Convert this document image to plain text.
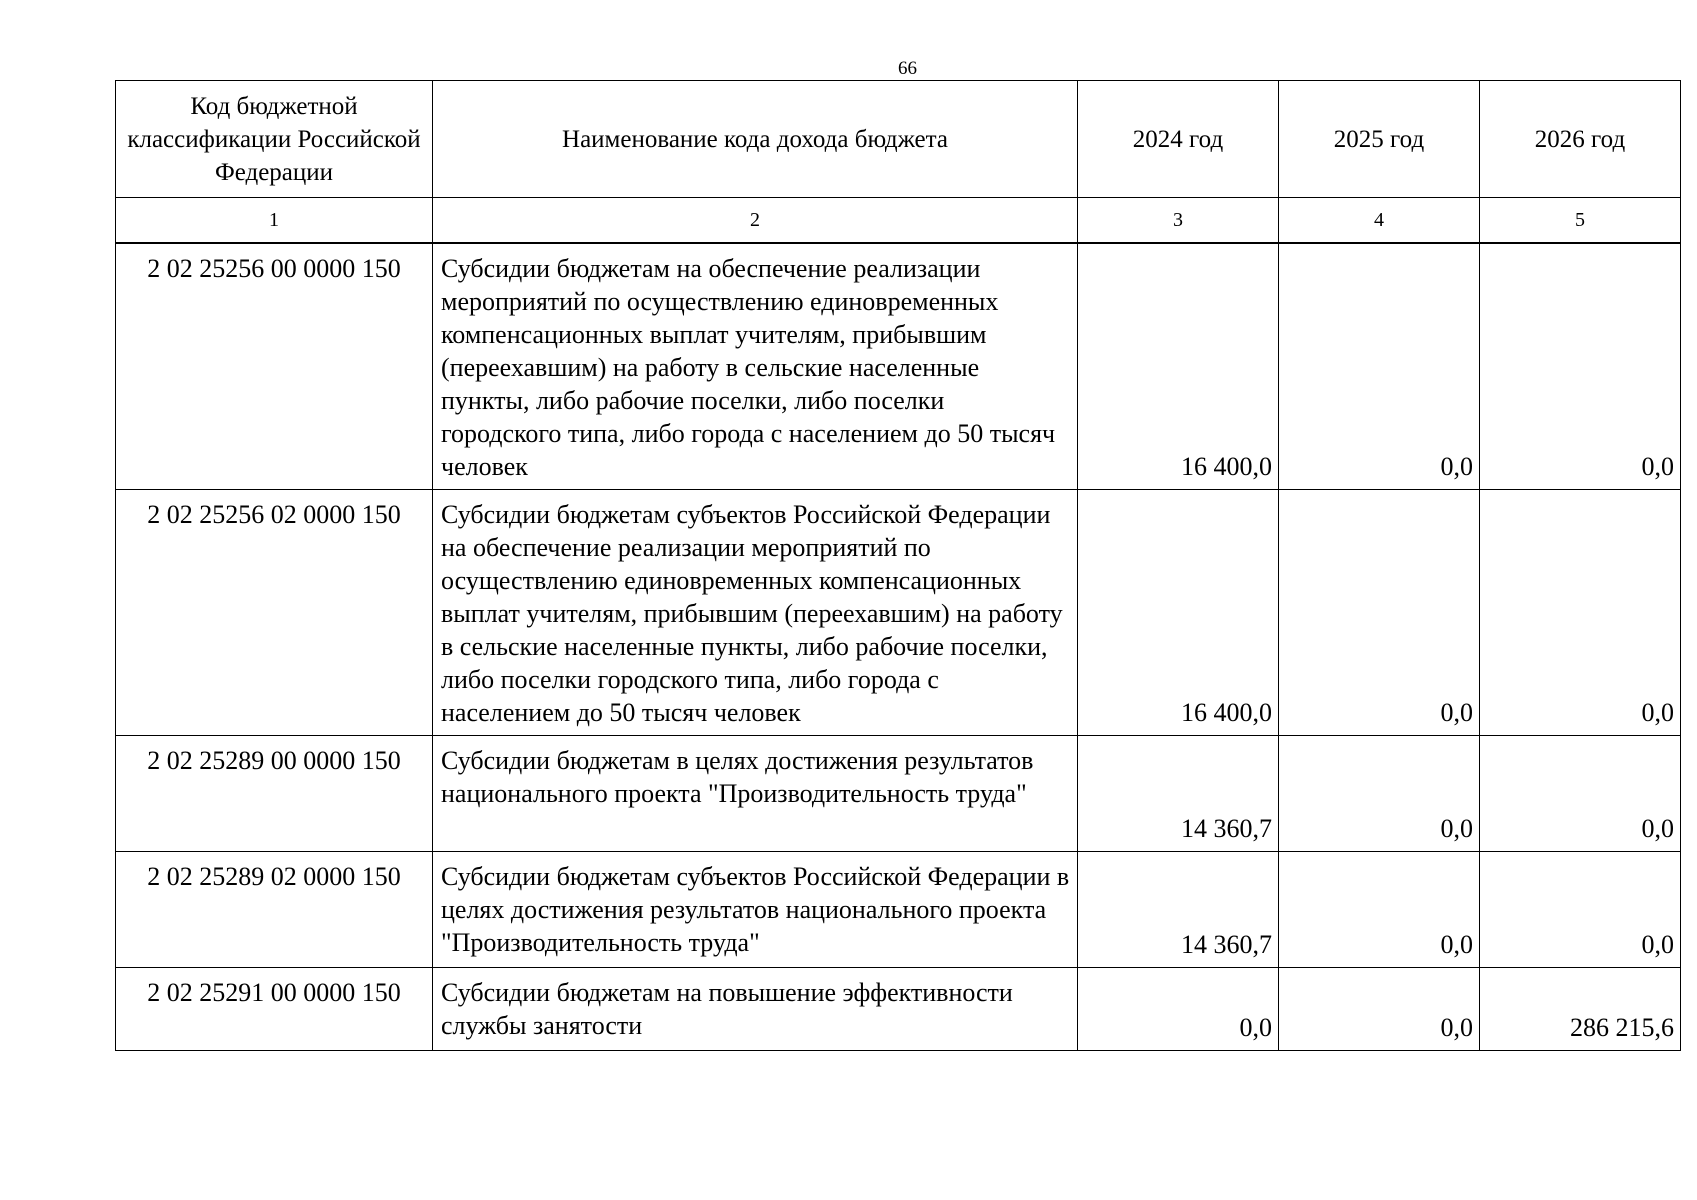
66
Код бюджетной классификации Российской Федерации	Наименование кода дохода бюджета	2024 год	2025 год	2026 год
1	2	3	4	5
2 02 25256 00 0000 150	Субсидии бюджетам на обеспечение реализации мероприятий по осуществлению единовременных компенсационных выплат учителям, прибывшим (переехавшим) на работу в сельские населенные пункты, либо рабочие поселки, либо поселки городского типа, либо города с населением до 50 тысяч человек	16 400,0	0,0	0,0
2 02 25256 02 0000 150	Субсидии бюджетам субъектов Российской Федерации на обеспечение реализации мероприятий по осуществлению единовременных компенсационных выплат учителям, прибывшим (переехавшим) на работу в сельские населенные пункты, либо рабочие поселки, либо поселки городского типа, либо города с населением до 50 тысяч человек	16 400,0	0,0	0,0
2 02 25289 00 0000 150	Субсидии бюджетам в целях достижения результатов национального проекта "Производительность труда"	14 360,7	0,0	0,0
2 02 25289 02 0000 150	Субсидии бюджетам субъектов Российской Федерации в целях достижения результатов национального проекта "Производительность труда"	14 360,7	0,0	0,0
2 02 25291 00 0000 150	Субсидии бюджетам на повышение эффективности службы занятости	0,0	0,0	286 215,6
